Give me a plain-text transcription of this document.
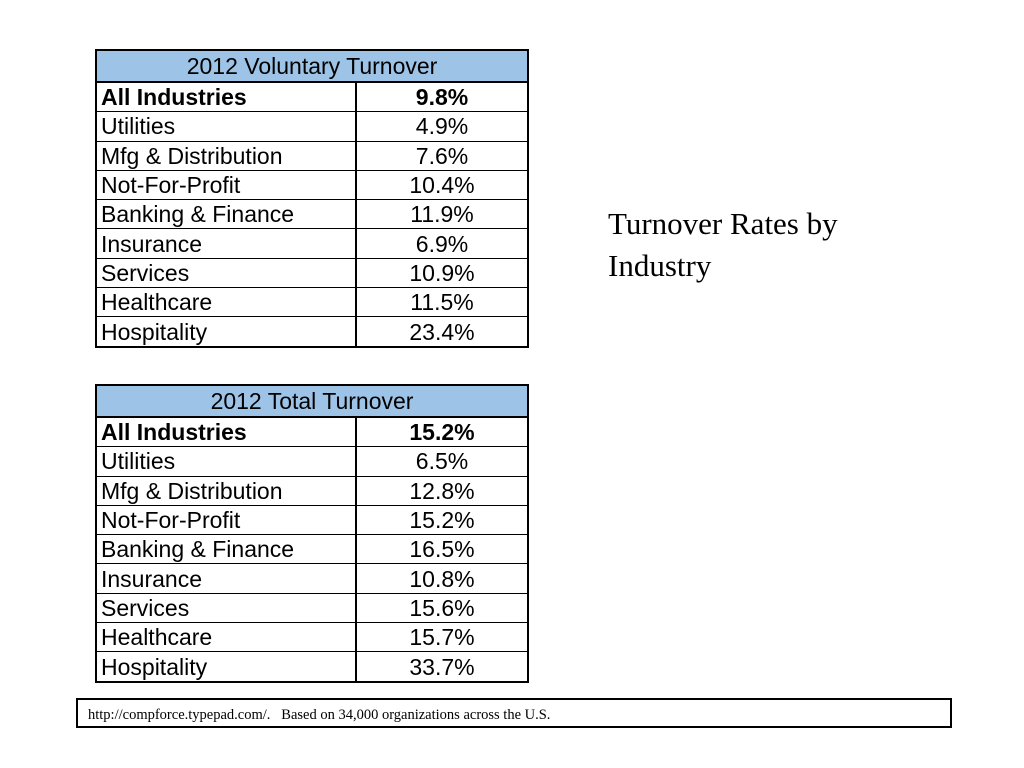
2012 Voluntary Turnover	
All Industries	9.8%
Utilities	4.9%
Mfg & Distribution	7.6%
Not-For-Profit	10.4%
Banking & Finance	11.9%
Insurance	6.9%
Services	10.9%
Healthcare	11.5%
Hospitality	23.4%
2012 Total Turnover	
All Industries	15.2%
Utilities	6.5%
Mfg & Distribution	12.8%
Not-For-Profit	15.2%
Banking & Finance	16.5%
Insurance	10.8%
Services	15.6%
Healthcare	15.7%
Hospitality	33.7%
Turnover Rates by Industry
http://compforce.typepad.com/.   Based on 34,000 organizations across the U.S.
